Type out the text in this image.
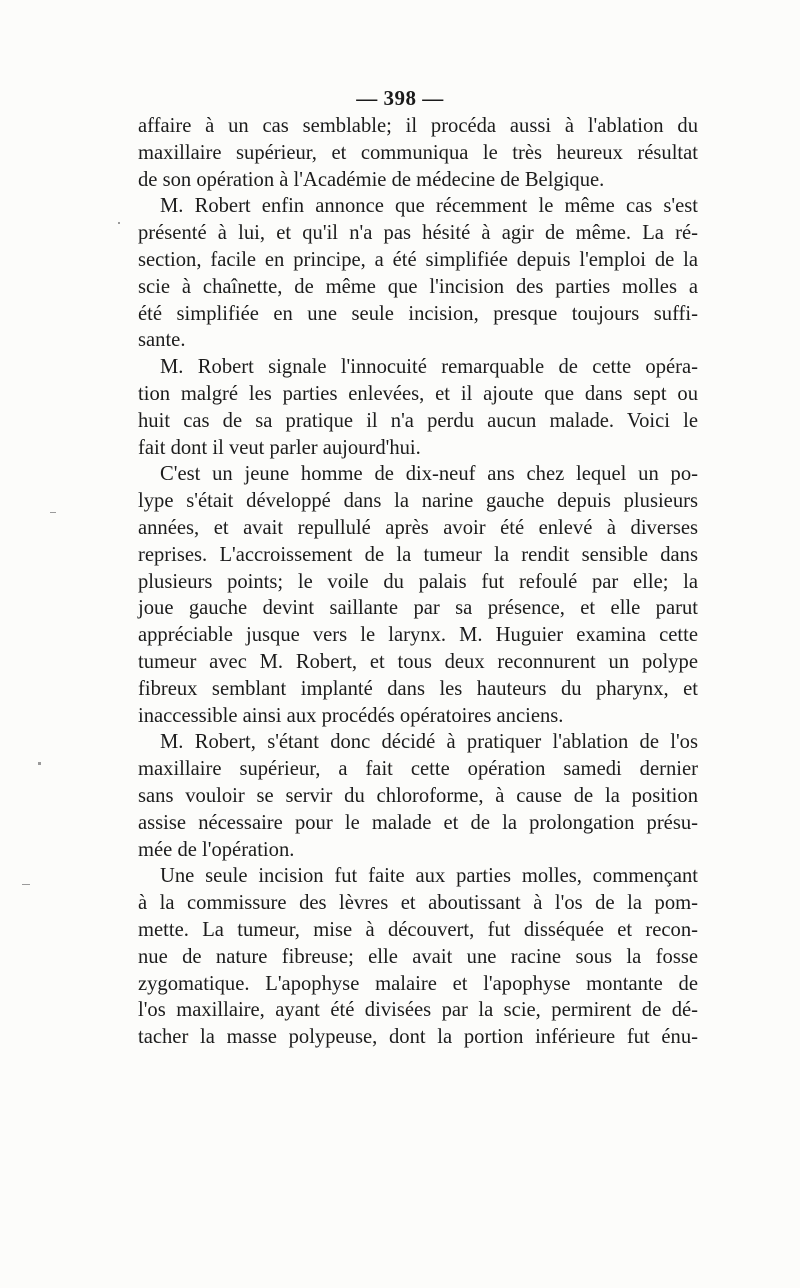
— 398 —
affaire à un cas semblable; il procéda aussi à l'ablation du
maxillaire supérieur, et communiqua le très heureux résultat
de son opération à l'Académie de médecine de Belgique.
M. Robert enfin annonce que récemment le même cas s'est
présenté à lui, et qu'il n'a pas hésité à agir de même. La ré-
section, facile en principe, a été simplifiée depuis l'emploi de la
scie à chaînette, de même que l'incision des parties molles a
été simplifiée en une seule incision, presque toujours suffi-
sante.
M. Robert signale l'innocuité remarquable de cette opéra-
tion malgré les parties enlevées, et il ajoute que dans sept ou
huit cas de sa pratique il n'a perdu aucun malade. Voici le
fait dont il veut parler aujourd'hui.
C'est un jeune homme de dix-neuf ans chez lequel un po-
lype s'était développé dans la narine gauche depuis plusieurs
années, et avait repullulé après avoir été enlevé à diverses
reprises. L'accroissement de la tumeur la rendit sensible dans
plusieurs points; le voile du palais fut refoulé par elle; la
joue gauche devint saillante par sa présence, et elle parut
appréciable jusque vers le larynx. M. Huguier examina cette
tumeur avec M. Robert, et tous deux reconnurent un polype
fibreux semblant implanté dans les hauteurs du pharynx, et
inaccessible ainsi aux procédés opératoires anciens.
M. Robert, s'étant donc décidé à pratiquer l'ablation de l'os
maxillaire supérieur, a fait cette opération samedi dernier
sans vouloir se servir du chloroforme, à cause de la position
assise nécessaire pour le malade et de la prolongation présu-
mée de l'opération.
Une seule incision fut faite aux parties molles, commençant
à la commissure des lèvres et aboutissant à l'os de la pom-
mette. La tumeur, mise à découvert, fut disséquée et recon-
nue de nature fibreuse; elle avait une racine sous la fosse
zygomatique. L'apophyse malaire et l'apophyse montante de
l'os maxillaire, ayant été divisées par la scie, permirent de dé-
tacher la masse polypeuse, dont la portion inférieure fut énu-
